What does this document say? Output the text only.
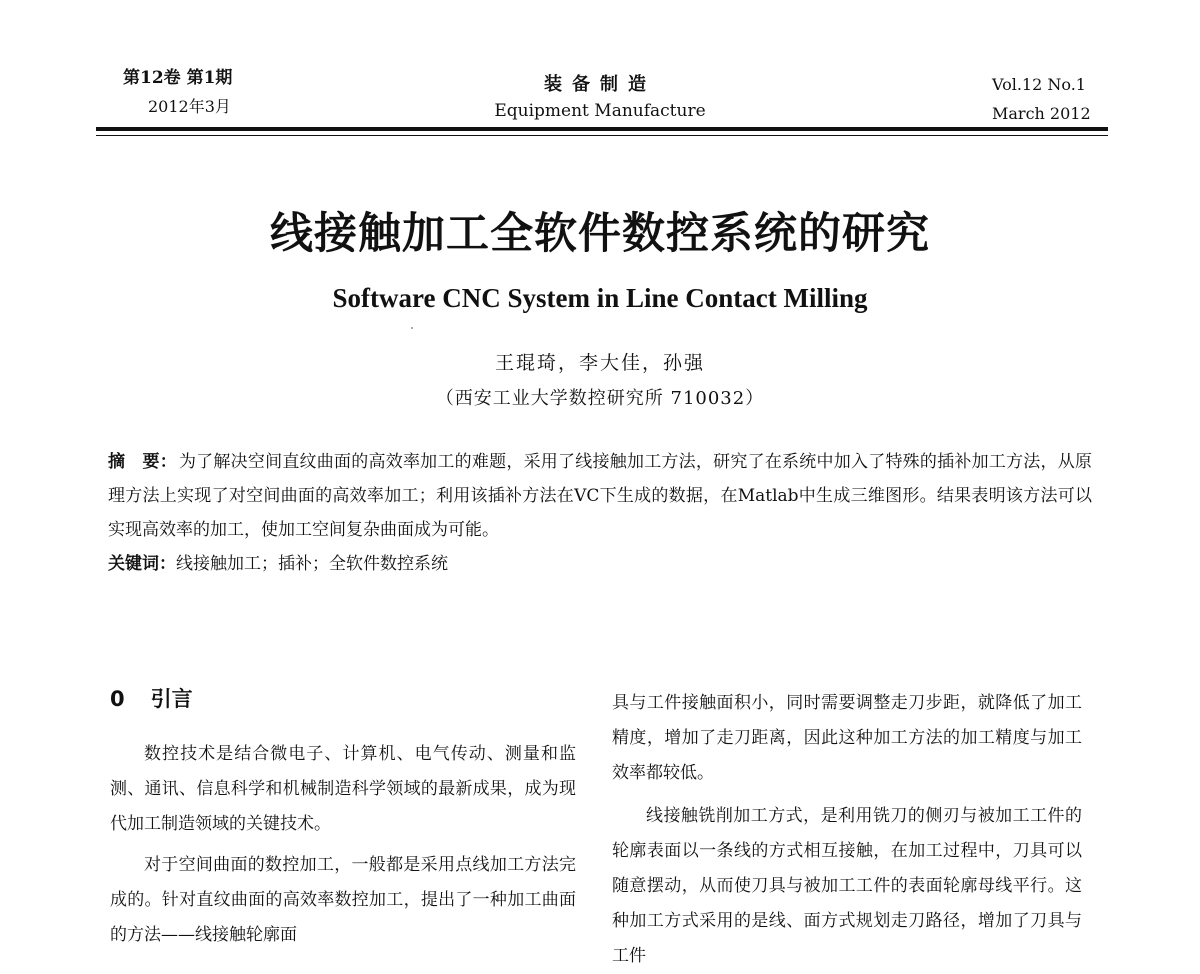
第12卷 第1期
2012年3月
装备制造
Equipment Manufacture
Vol.12 No.1
March 2012
线接触加工全软件数控系统的研究
Software CNC System in Line Contact Milling
王琨琦，李大佳，孙强
（西安工业大学数控研究所 710032）
摘　要： 为了解决空间直纹曲面的高效率加工的难题，采用了线接触加工方法，研究了在系统中加入了特殊的插补加工方法，从原理方法上实现了对空间曲面的高效率加工；利用该插补方法在VC下生成的数据，在Matlab中生成三维图形。结果表明该方法可以实现高效率的加工，使加工空间复杂曲面成为可能。
关键词：线接触加工；插补；全软件数控系统
0 引言

数控技术是结合微电子、计算机、电气传动、测量和监测、通讯、信息科学和机械制造科学领域的最新成果，成为现代加工制造领域的关键技术。

对于空间曲面的数控加工，一般都是采用点线加工方法完成的。针对直纹曲面的高效率数控加工，提出了一种加工曲面的方法——线接触轮廓面

具与工件接触面积小，同时需要调整走刀步距，就降低了加工精度，增加了走刀距离，因此这种加工方法的加工精度与加工效率都较低。

线接触铣削加工方式，是利用铣刀的侧刃与被加工工件的轮廓表面以一条线的方式相互接触，在加工过程中，刀具可以随意摆动，从而使刀具与被加工工件的表面轮廓母线平行。这种加工方式采用的是线、面方式规划走刀路径，增加了刀具与工件
